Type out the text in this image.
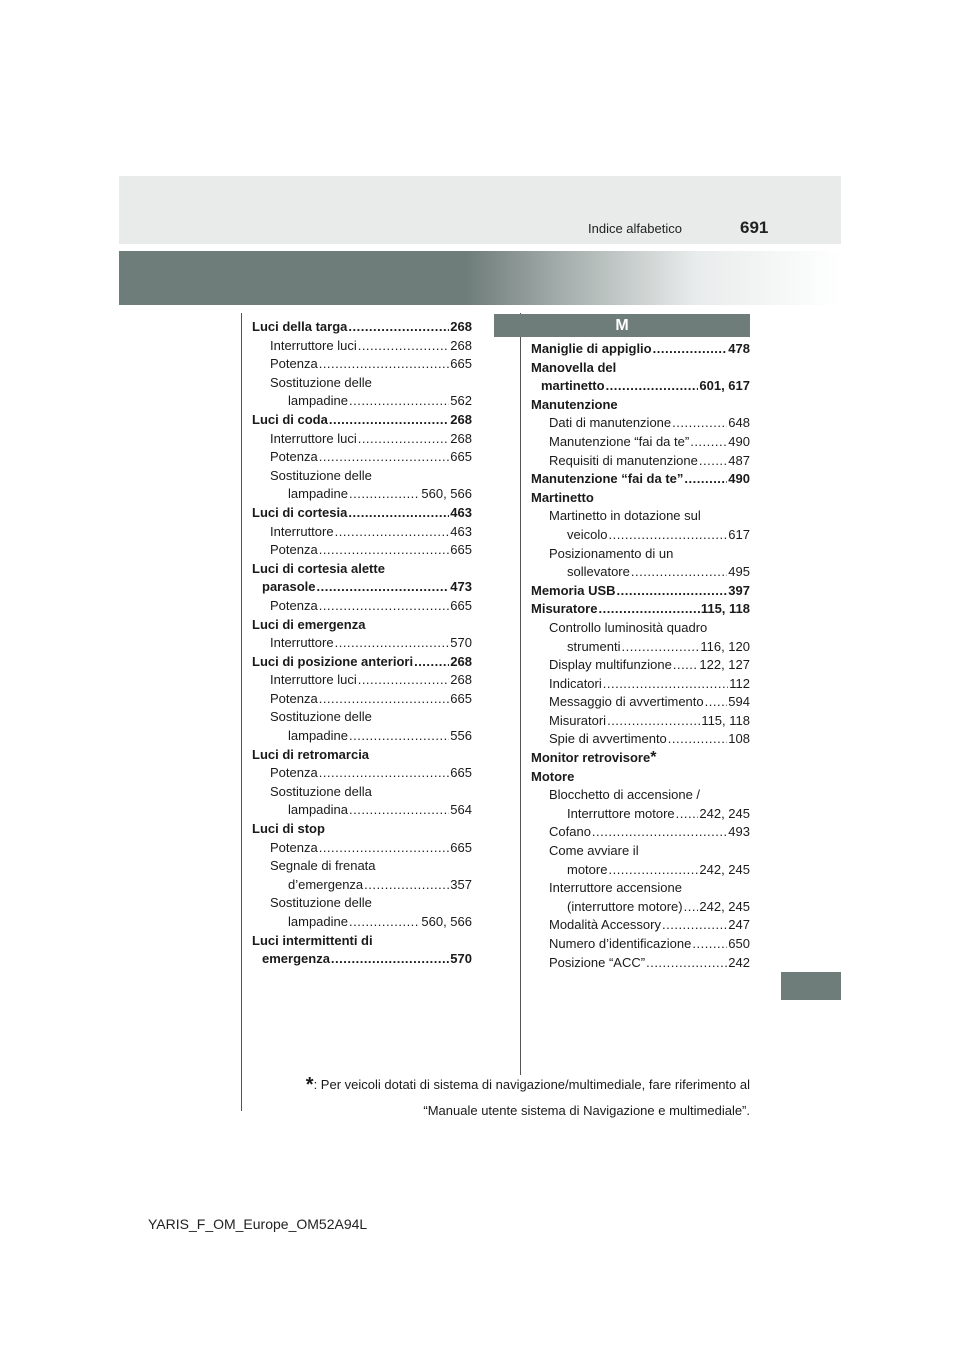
Indice alfabetico	691
Luci della targa .....	268
Interruttore luci .....	268
Potenza .....	665
Sostituzione delle
lampadine .....	562
Luci di coda .....	268
Interruttore luci .....	268
Potenza .....	665
Sostituzione delle
lampadine .....	560, 566
Luci di cortesia .....	463
Interruttore .....	463
Potenza .....	665
Luci di cortesia alette
parasole .....	473
Potenza .....	665
Luci di emergenza
Interruttore .....	570
Luci di posizione anteriori .....	268
Interruttore luci .....	268
Potenza .....	665
Sostituzione delle
lampadine .....	556
Luci di retromarcia
Potenza .....	665
Sostituzione della
lampadina .....	564
Luci di stop
Potenza .....	665
Segnale di frenata
d’emergenza .....	357
Sostituzione delle
lampadine .....	560, 566
Luci intermittenti di
emergenza .....	570
M
Maniglie di appiglio .....	478
Manovella del
martinetto .....	601, 617
Manutenzione
Dati di manutenzione .....	648
Manutenzione “fai da te” .....	490
Requisiti di manutenzione ..... 487
Manutenzione “fai da te” .....	490
Martinetto
Martinetto in dotazione sul
veicolo .....	617
Posizionamento di un
sollevatore .....	495
Memoria USB .....	397
Misuratore .....	115, 118
Controllo luminosità quadro
strumenti .....	116, 120
Display multifunzione ..... 122, 127
Indicatori .....	112
Messaggio di avvertimento ..... 594
Misuratori .....	115, 118
Spie di avvertimento .....	108
Monitor retrovisore *
Motore
Blocchetto di accensione /
Interruttore motore ..... 242, 245
Cofano .....	493
Come avviare il
motore .....	242, 245
Interruttore accensione
(interruttore motore) ..... 242, 245
Modalità Accessory .....	247
Numero d’identificazione .....	650
Posizione “ACC” .....	242
*: Per veicoli dotati di sistema di navigazione/multimediale, fare riferimento al
“Manuale utente sistema di Navigazione e multimediale”.
YARIS_F_OM_Europe_OM52A94L
